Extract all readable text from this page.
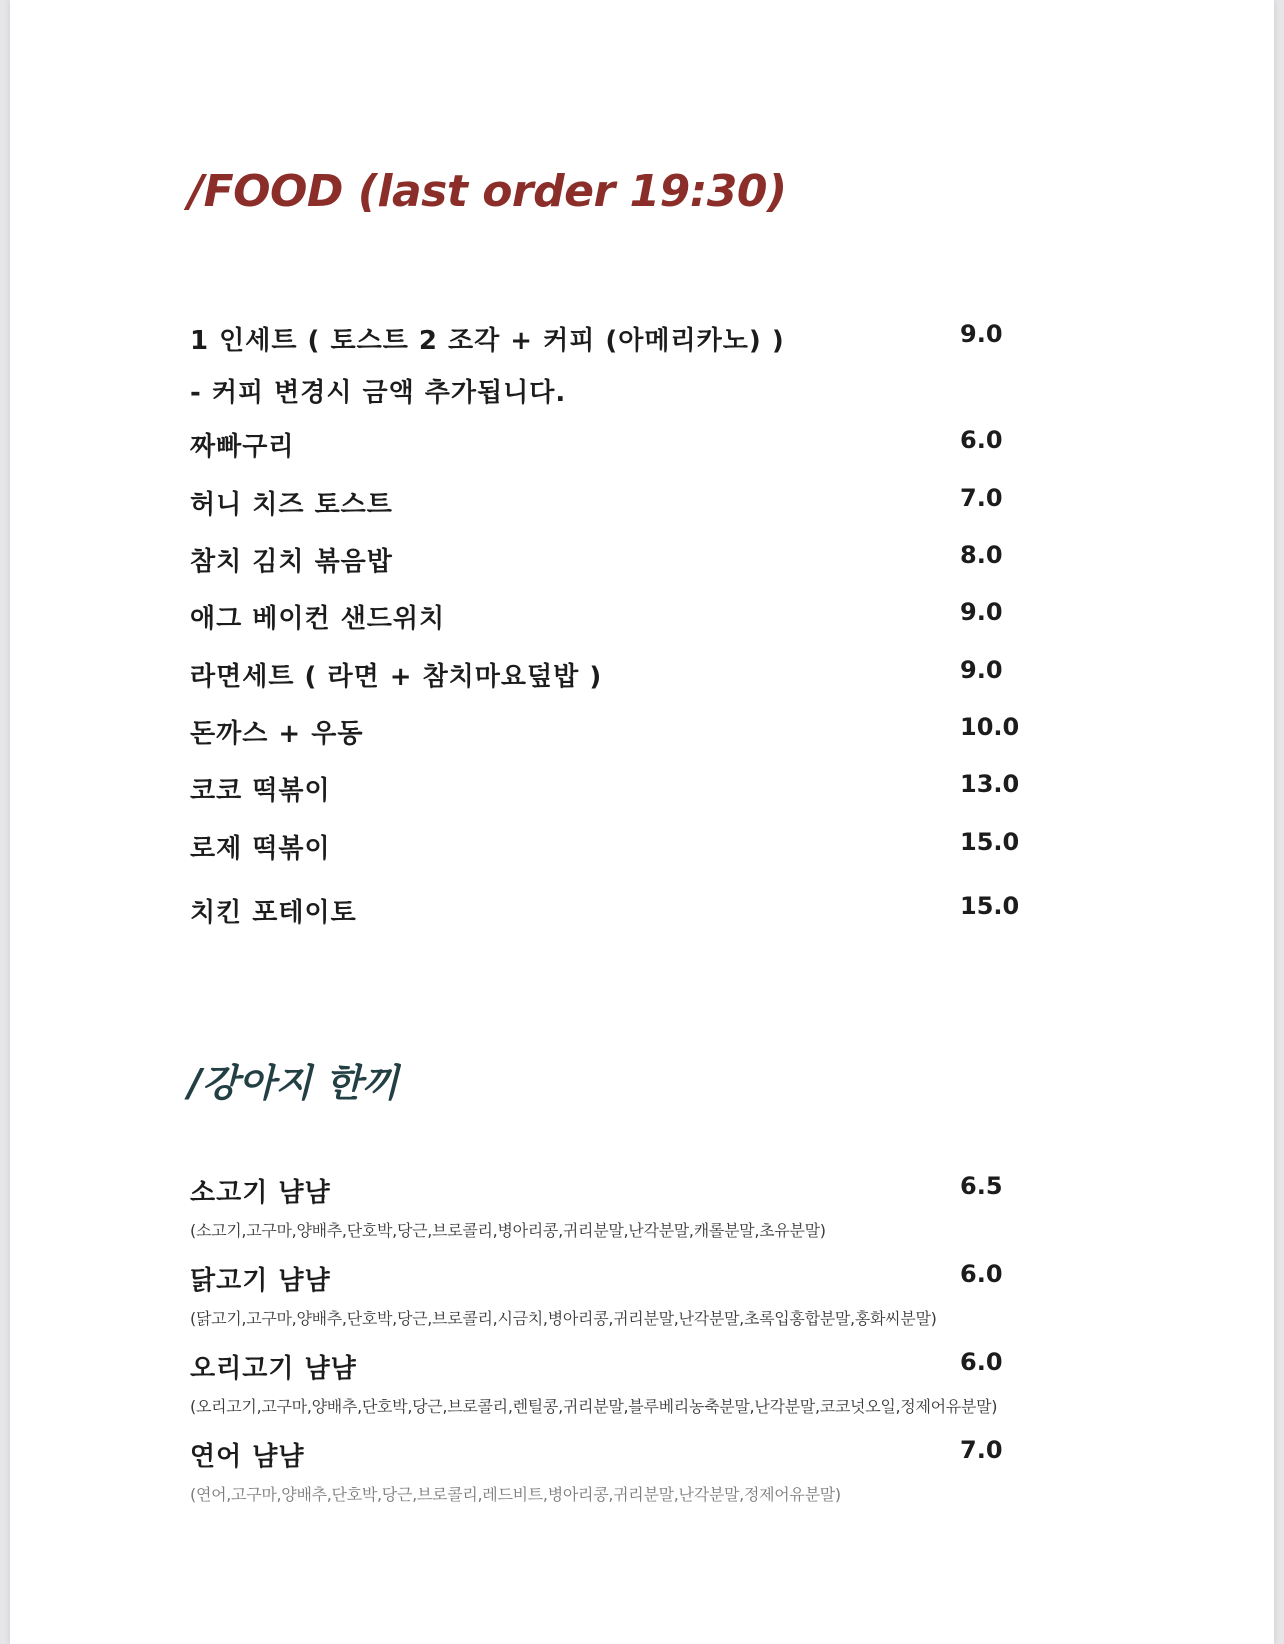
/FOOD (last order 19:30)
1 인세트 ( 토스트 2 조각 + 커피 (아메리카노) )	9.0
- 커피 변경시 금액 추가됩니다.
짜빠구리	6.0
허니 치즈 토스트	7.0
참치 김치 볶음밥	8.0
애그 베이컨 샌드위치	9.0
라면세트 ( 라면 + 참치마요덮밥 )	9.0
돈까스 + 우동	10.0
코코 떡볶이	13.0
로제 떡볶이	15.0
치킨 포테이토	15.0
/강아지 한끼
소고기 냠냠	6.5
(소고기,고구마,양배추,단호박,당근,브로콜리,병아리콩,귀리분말,난각분말,캐롤분말,초유분말)
닭고기 냠냠	6.0
(닭고기,고구마,양배추,단호박,당근,브로콜리,시금치,병아리콩,귀리분말,난각분말,초록입홍합분말,홍화씨분말)
오리고기 냠냠	6.0
(오리고기,고구마,양배추,단호박,당근,브로콜리,렌틸콩,귀리분말,블루베리농축분말,난각분말,코코넛오일,정제어유분말)
연어 냠냠	7.0
(연어,고구마,양배추,단호박,당근,브로콜리,레드비트,병아리콩,귀리분말,난각분말,정제어유분말)
